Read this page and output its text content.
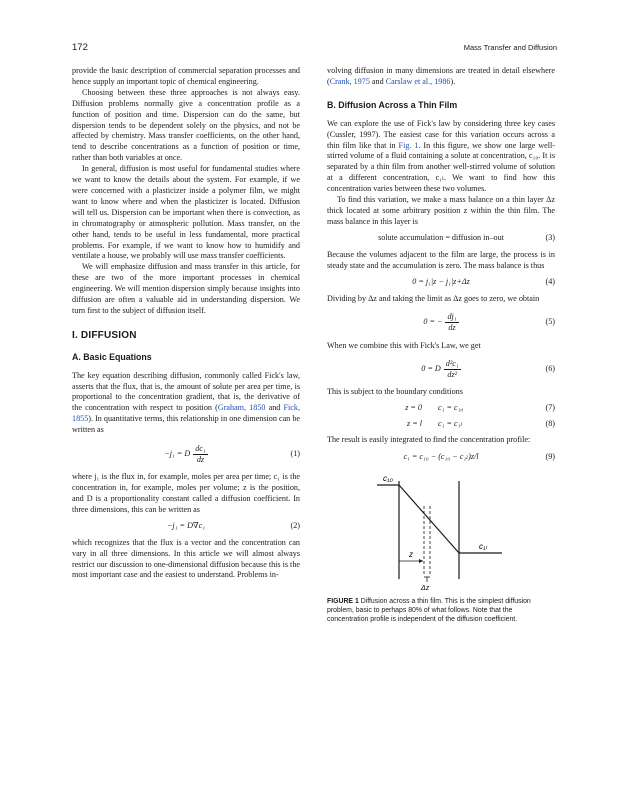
172	Mass Transfer and Diffusion

provide the basic description of commercial separation processes and hence supply an important topic of chemical engineering.

Choosing between these three approaches is not always easy. Diffusion problems normally give a concentration profile as a function of position and time. Dispersion can do the same, but dispersion tends to be dependent solely on the physics, and not be affected by chemistry. Mass transfer coefficients, on the other hand, tend to describe concentrations as a function of position or time, rather than both variables at once.

In general, diffusion is most useful for fundamental studies where we want to know the details about the system. For example, if we were concerned with a plasticizer inside a polymer film, we might want to know where and when the plasticizer is located. Diffusion will tell us. Dispersion can be important when there is convection, as in chromatography or atmospheric pollution. Mass transfer, on the other hand, tends to be useful in less fundamental, more practical problems. For example, if we want to know how to humidify and ventilate a house, we probably will use mass transfer coefficients.

We will emphasize diffusion and mass transfer in this article, for these are two of the more important processes in chemical engineering. We will mention dispersion simply because insights into diffusion are often a valuable aid in understanding dispersion. We turn first to the subject of diffusion itself.

I. DIFFUSION
A. Basic Equations

The key equation describing diffusion, commonly called Fick's law, asserts that the flux, that is, the amount of solute per area per time, is proportional to the concentration gradient, that is, the derivative of the concentration with respect to position (Graham, 1850 and Fick, 1855). In quantitative terms, this relationship in one dimension can be written as

−j₁ = D $\frac{\text{dc₁}}{dz}$	(1)

where j₁ is the flux in, for example, moles per area per time; c₁ is the concentration in, for example, moles per volume; z is the position, and D is a proportionality constant called a diffusion coefficient. In three dimensions, this can be written as

−j₁ = D∇c₁	(2)

which recognizes that the flux is a vector and the concentration can vary in all three dimensions. In this article we will almost always restrict our discussion to one-dimensional diffusion because this is the most important case and the easiest to understand. Problems in-

volving diffusion in many dimensions are treated in detail elsewhere (Crank, 1975 and Carslaw et al., 1986).

B. Diffusion Across a Thin Film

We can explore the use of Fick's law by considering three key cases (Cussler, 1997). The easiest case for this variation occurs across a thin film like that in Fig. 1. In this figure, we show one large well-stirred volume of a fluid containing a solute at concentration, c₁₀. It is separated by a thin film from another well-stirred volume of solution at a different concentration, c₁ₗ. We want to find how this concentration varies between these two volumes.

To find this variation, we make a mass balance on a thin layer Δz thick located at some arbitrary position z within the thin film. The mass balance in this layer is

solute accumulation = diffusion in–out	(3)

Because the volumes adjacent to the film are large, the process is in steady state and the accumulation is zero. The mass balance is thus

0 = j₁|z − j₁|z+Δz	(4)

Dividing by Δz and taking the limit as Δz goes to zero, we obtain

0 = − $\frac{\text{dj₁}}{dz}$	(5)

When we combine this with Fick's Law, we get

0 = D $\frac{\text{d²c₁}}{\text{dz²}}$	(6)

This is subject to the boundary conditions

z = 0	c₁ = c₁₀	(7)
z = l	c₁ = c₁ₗ	(8)

The result is easily integrated to find the concentration profile:

c₁ = c₁₀ − (c₁₀ − c₁ₗ)z/l	(9)
c₁₀
c₁ₗ
z
Δz
FIGURE 1 Diffusion across a thin film. This is the simplest diffusion problem, basic to perhaps 80% of what follows. Note that the concentration profile is independent of the diffusion coefficient.
